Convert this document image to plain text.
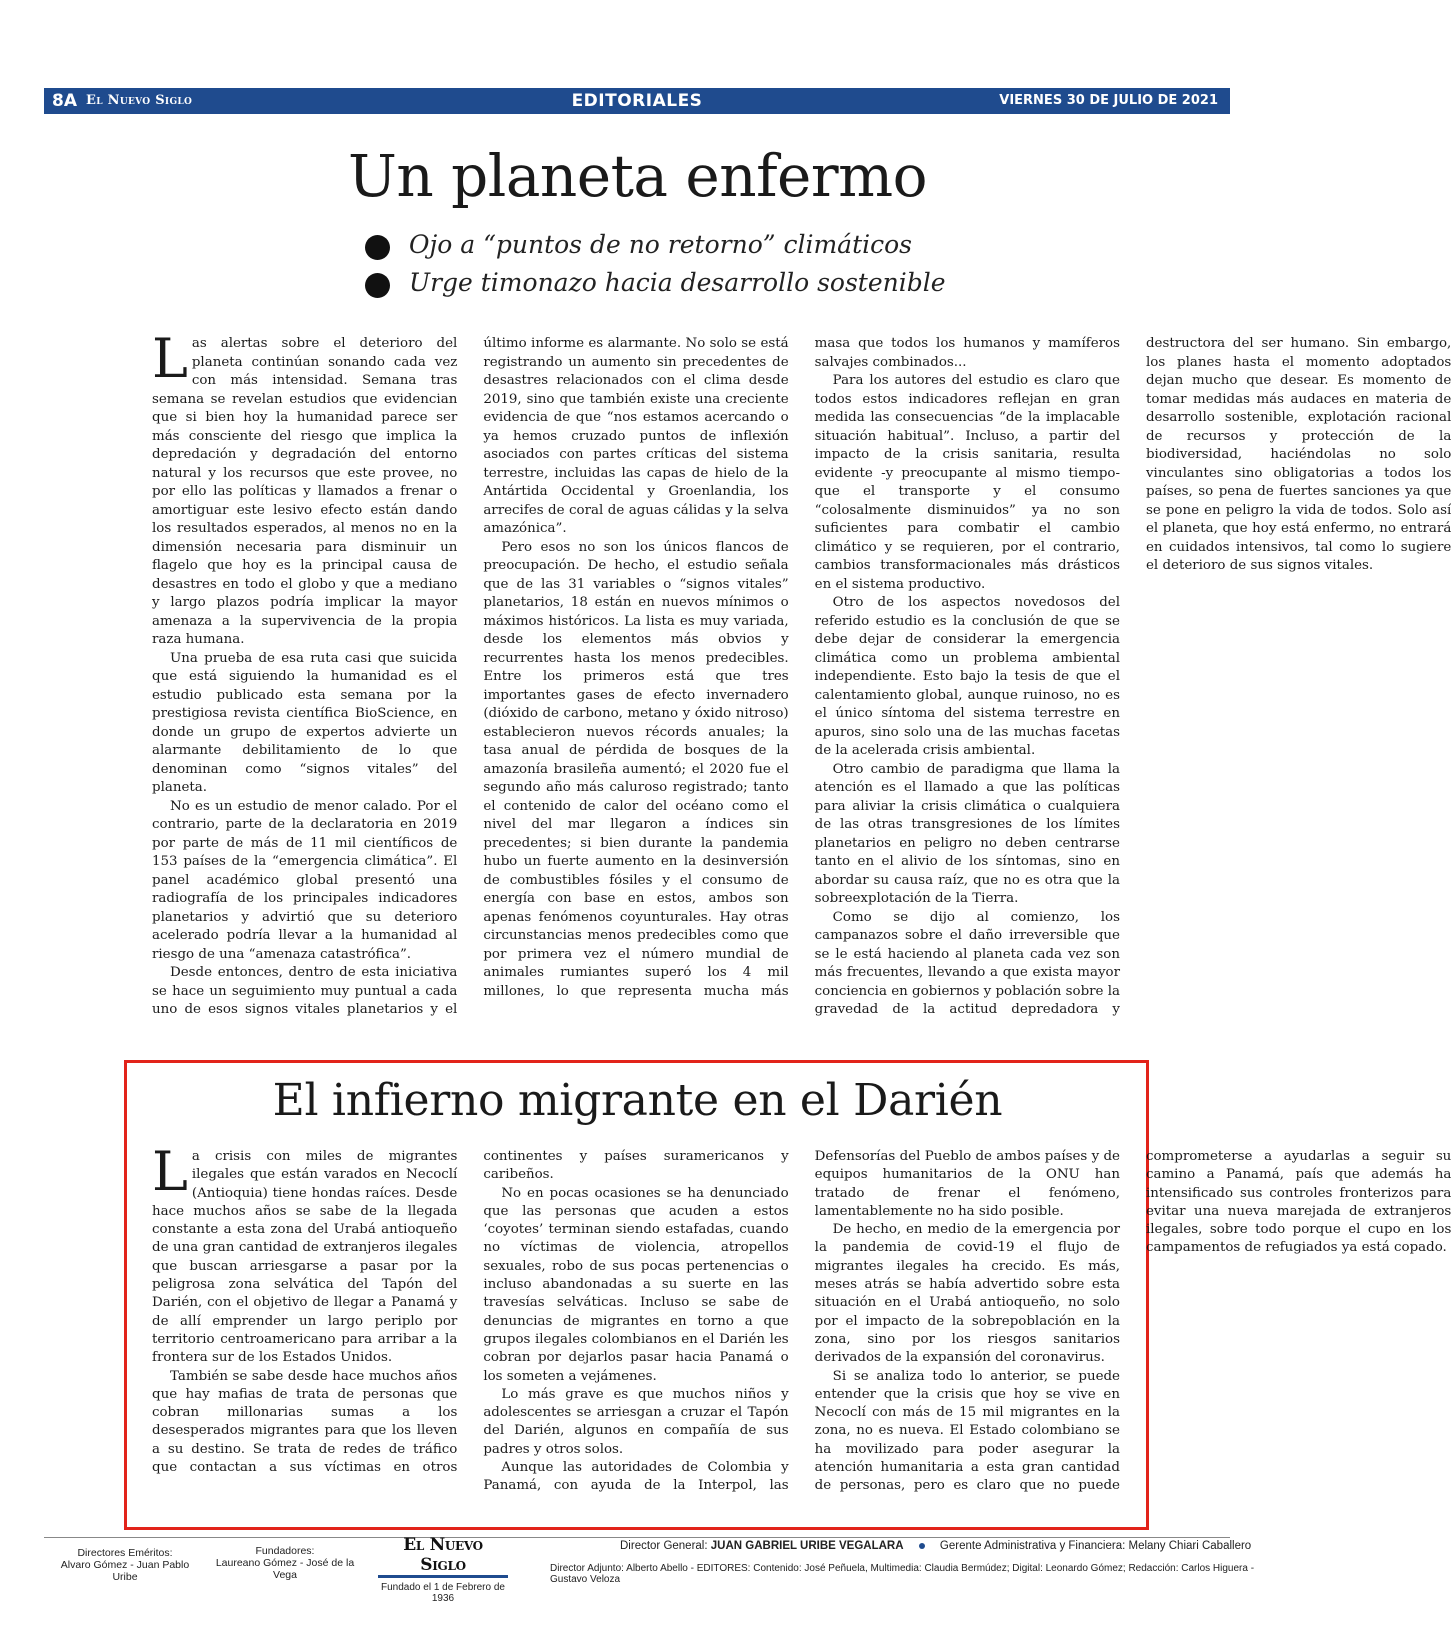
8A El Nuevo Siglo	EDITORIALES	VIERNES 30 DE JULIO DE 2021
Un planeta enfermo
Ojo a “puntos de no retorno” climáticos
Urge timonazo hacia desarrollo sostenible

Las alertas sobre el deterioro del planeta continúan sonando cada vez con más intensidad. Semana tras semana se revelan estudios que evidencian que si bien hoy la humanidad parece ser más consciente del riesgo que implica la depredación y degradación del entorno natural y los recursos que este provee, no por ello las políticas y llamados a frenar o amortiguar este lesivo efecto están dando los resultados esperados, al menos no en la dimensión necesaria para disminuir un flagelo que hoy es la principal causa de desastres en todo el globo y que a mediano y largo plazos podría implicar la mayor amenaza a la supervivencia de la propia raza humana.

Una prueba de esa ruta casi que suicida que está siguiendo la humanidad es el estudio publicado esta semana por la prestigiosa revista científica BioScience, en donde un grupo de expertos advierte un alarmante debilitamiento de lo que denominan como “signos vitales” del planeta.

No es un estudio de menor calado. Por el contrario, parte de la declaratoria en 2019 por parte de más de 11 mil científicos de 153 países de la “emergencia climática”. El panel académico global presentó una radiografía de los principales indicadores planetarios y advirtió que su deterioro acelerado podría llevar a la humanidad al riesgo de una “amenaza catastrófica”.

Desde entonces, dentro de esta iniciativa se hace un seguimiento muy puntual a cada uno de esos signos vitales planetarios y el último informe es alarmante. No solo se está registrando un aumento sin precedentes de desastres relacionados con el clima desde 2019, sino que también existe una creciente evidencia de que “nos estamos acercando o ya hemos cruzado puntos de inflexión asociados con partes críticas del sistema terrestre, incluidas las capas de hielo de la Antártida Occidental y Groenlandia, los arrecifes de coral de aguas cálidas y la selva amazónica”.

Pero esos no son los únicos flancos de preocupación. De hecho, el estudio señala que de las 31 variables o “signos vitales” planetarios, 18 están en nuevos mínimos o máximos históricos. La lista es muy variada, desde los elementos más obvios y recurrentes hasta los menos predecibles. Entre los primeros está que tres importantes gases de efecto invernadero (dióxido de carbono, metano y óxido nitroso) establecieron nuevos récords anuales; la tasa anual de pérdida de bosques de la amazonía brasileña aumentó; el 2020 fue el segundo año más caluroso registrado; tanto el contenido de calor del océano como el nivel del mar llegaron a índices sin precedentes; si bien durante la pandemia hubo un fuerte aumento en la desinversión de combustibles fósiles y el consumo de energía con base en estos, ambos son apenas fenómenos coyunturales. Hay otras circunstancias menos predecibles como que por primera vez el número mundial de animales rumiantes superó los 4 mil millones, lo que representa mucha más masa que todos los humanos y mamíferos salvajes combinados...

Para los autores del estudio es claro que todos estos indicadores reflejan en gran medida las consecuencias “de la implacable situación habitual”. Incluso, a partir del impacto de la crisis sanitaria, resulta evidente -y preocupante al mismo tiempo- que el transporte y el consumo “colosalmente disminuidos” ya no son suficientes para combatir el cambio climático y se requieren, por el contrario, cambios transformacionales más drásticos en el sistema productivo.

Otro de los aspectos novedosos del referido estudio es la conclusión de que se debe dejar de considerar la emergencia climática como un problema ambiental independiente. Esto bajo la tesis de que el calentamiento global, aunque ruinoso, no es el único síntoma del sistema terrestre en apuros, sino solo una de las muchas facetas de la acelerada crisis ambiental.

Otro cambio de paradigma que llama la atención es el llamado a que las políticas para aliviar la crisis climática o cualquiera de las otras transgresiones de los límites planetarios en peligro no deben centrarse tanto en el alivio de los síntomas, sino en abordar su causa raíz, que no es otra que la sobreexplotación de la Tierra.

Como se dijo al comienzo, los campanazos sobre el daño irreversible que se le está haciendo al planeta cada vez son más frecuentes, llevando a que exista mayor conciencia en gobiernos y población sobre la gravedad de la actitud depredadora y destructora del ser humano. Sin embargo, los planes hasta el momento adoptados dejan mucho que desear. Es momento de tomar medidas más audaces en materia de desarrollo sostenible, explotación racional de recursos y protección de la biodiversidad, haciéndolas no solo vinculantes sino obligatorias a todos los países, so pena de fuertes sanciones ya que se pone en peligro la vida de todos. Solo así el planeta, que hoy está enfermo, no entrará en cuidados intensivos, tal como lo sugiere el deterioro de sus signos vitales.

El infierno migrante en el Darién

La crisis con miles de migrantes ilegales que están varados en Necoclí (Antioquia) tiene hondas raíces. Desde hace muchos años se sabe de la llegada constante a esta zona del Urabá antioqueño de una gran cantidad de extranjeros ilegales que buscan arriesgarse a pasar por la peligrosa zona selvática del Tapón del Darién, con el objetivo de llegar a Panamá y de allí emprender un largo periplo por territorio centroamericano para arribar a la frontera sur de los Estados Unidos.

También se sabe desde hace muchos años que hay mafias de trata de personas que cobran millonarias sumas a los desesperados migrantes para que los lleven a su destino. Se trata de redes de tráfico que contactan a sus víctimas en otros continentes y países suramericanos y caribeños.

No en pocas ocasiones se ha denunciado que las personas que acuden a estos ‘coyotes’ terminan siendo estafadas, cuando no víctimas de violencia, atropellos sexuales, robo de sus pocas pertenencias o incluso abandonadas a su suerte en las travesías selváticas. Incluso se sabe de denuncias de migrantes en torno a que grupos ilegales colombianos en el Darién les cobran por dejarlos pasar hacia Panamá o los someten a vejámenes.

Lo más grave es que muchos niños y adolescentes se arriesgan a cruzar el Tapón del Darién, algunos en compañía de sus padres y otros solos.

Aunque las autoridades de Colombia y Panamá, con ayuda de la Interpol, las Defensorías del Pueblo de ambos países y de equipos humanitarios de la ONU han tratado de frenar el fenómeno, lamentablemente no ha sido posible.

De hecho, en medio de la emergencia por la pandemia de covid-19 el flujo de migrantes ilegales ha crecido. Es más, meses atrás se había advertido sobre esta situación en el Urabá antioqueño, no solo por el impacto de la sobrepoblación en la zona, sino por los riesgos sanitarios derivados de la expansión del coronavirus.

Si se analiza todo lo anterior, se puede entender que la crisis que hoy se vive en Necoclí con más de 15 mil migrantes en la zona, no es nueva. El Estado colombiano se ha movilizado para poder asegurar la atención humanitaria a esta gran cantidad de personas, pero es claro que no puede comprometerse a ayudarlas a seguir su camino a Panamá, país que además ha intensificado sus controles fronterizos para evitar una nueva marejada de extranjeros ilegales, sobre todo porque el cupo en los campamentos de refugiados ya está copado.

Directores Eméritos:
Alvaro Gómez - Juan Pablo Uribe
Fundadores:
Laureano Gómez - José de la Vega
El Nuevo Siglo
Fundado el 1 de Febrero de 1936
Director General: JUAN GABRIEL URIBE VEGALARA	Gerente Administrativa y Financiera: Melany Chiari Caballero
Director Adjunto: Alberto Abello - EDITORES: Contenido: José Peñuela, Multimedia: Claudia Bermúdez; Digital: Leonardo Gómez; Redacción: Carlos Higuera - Gustavo Veloza
